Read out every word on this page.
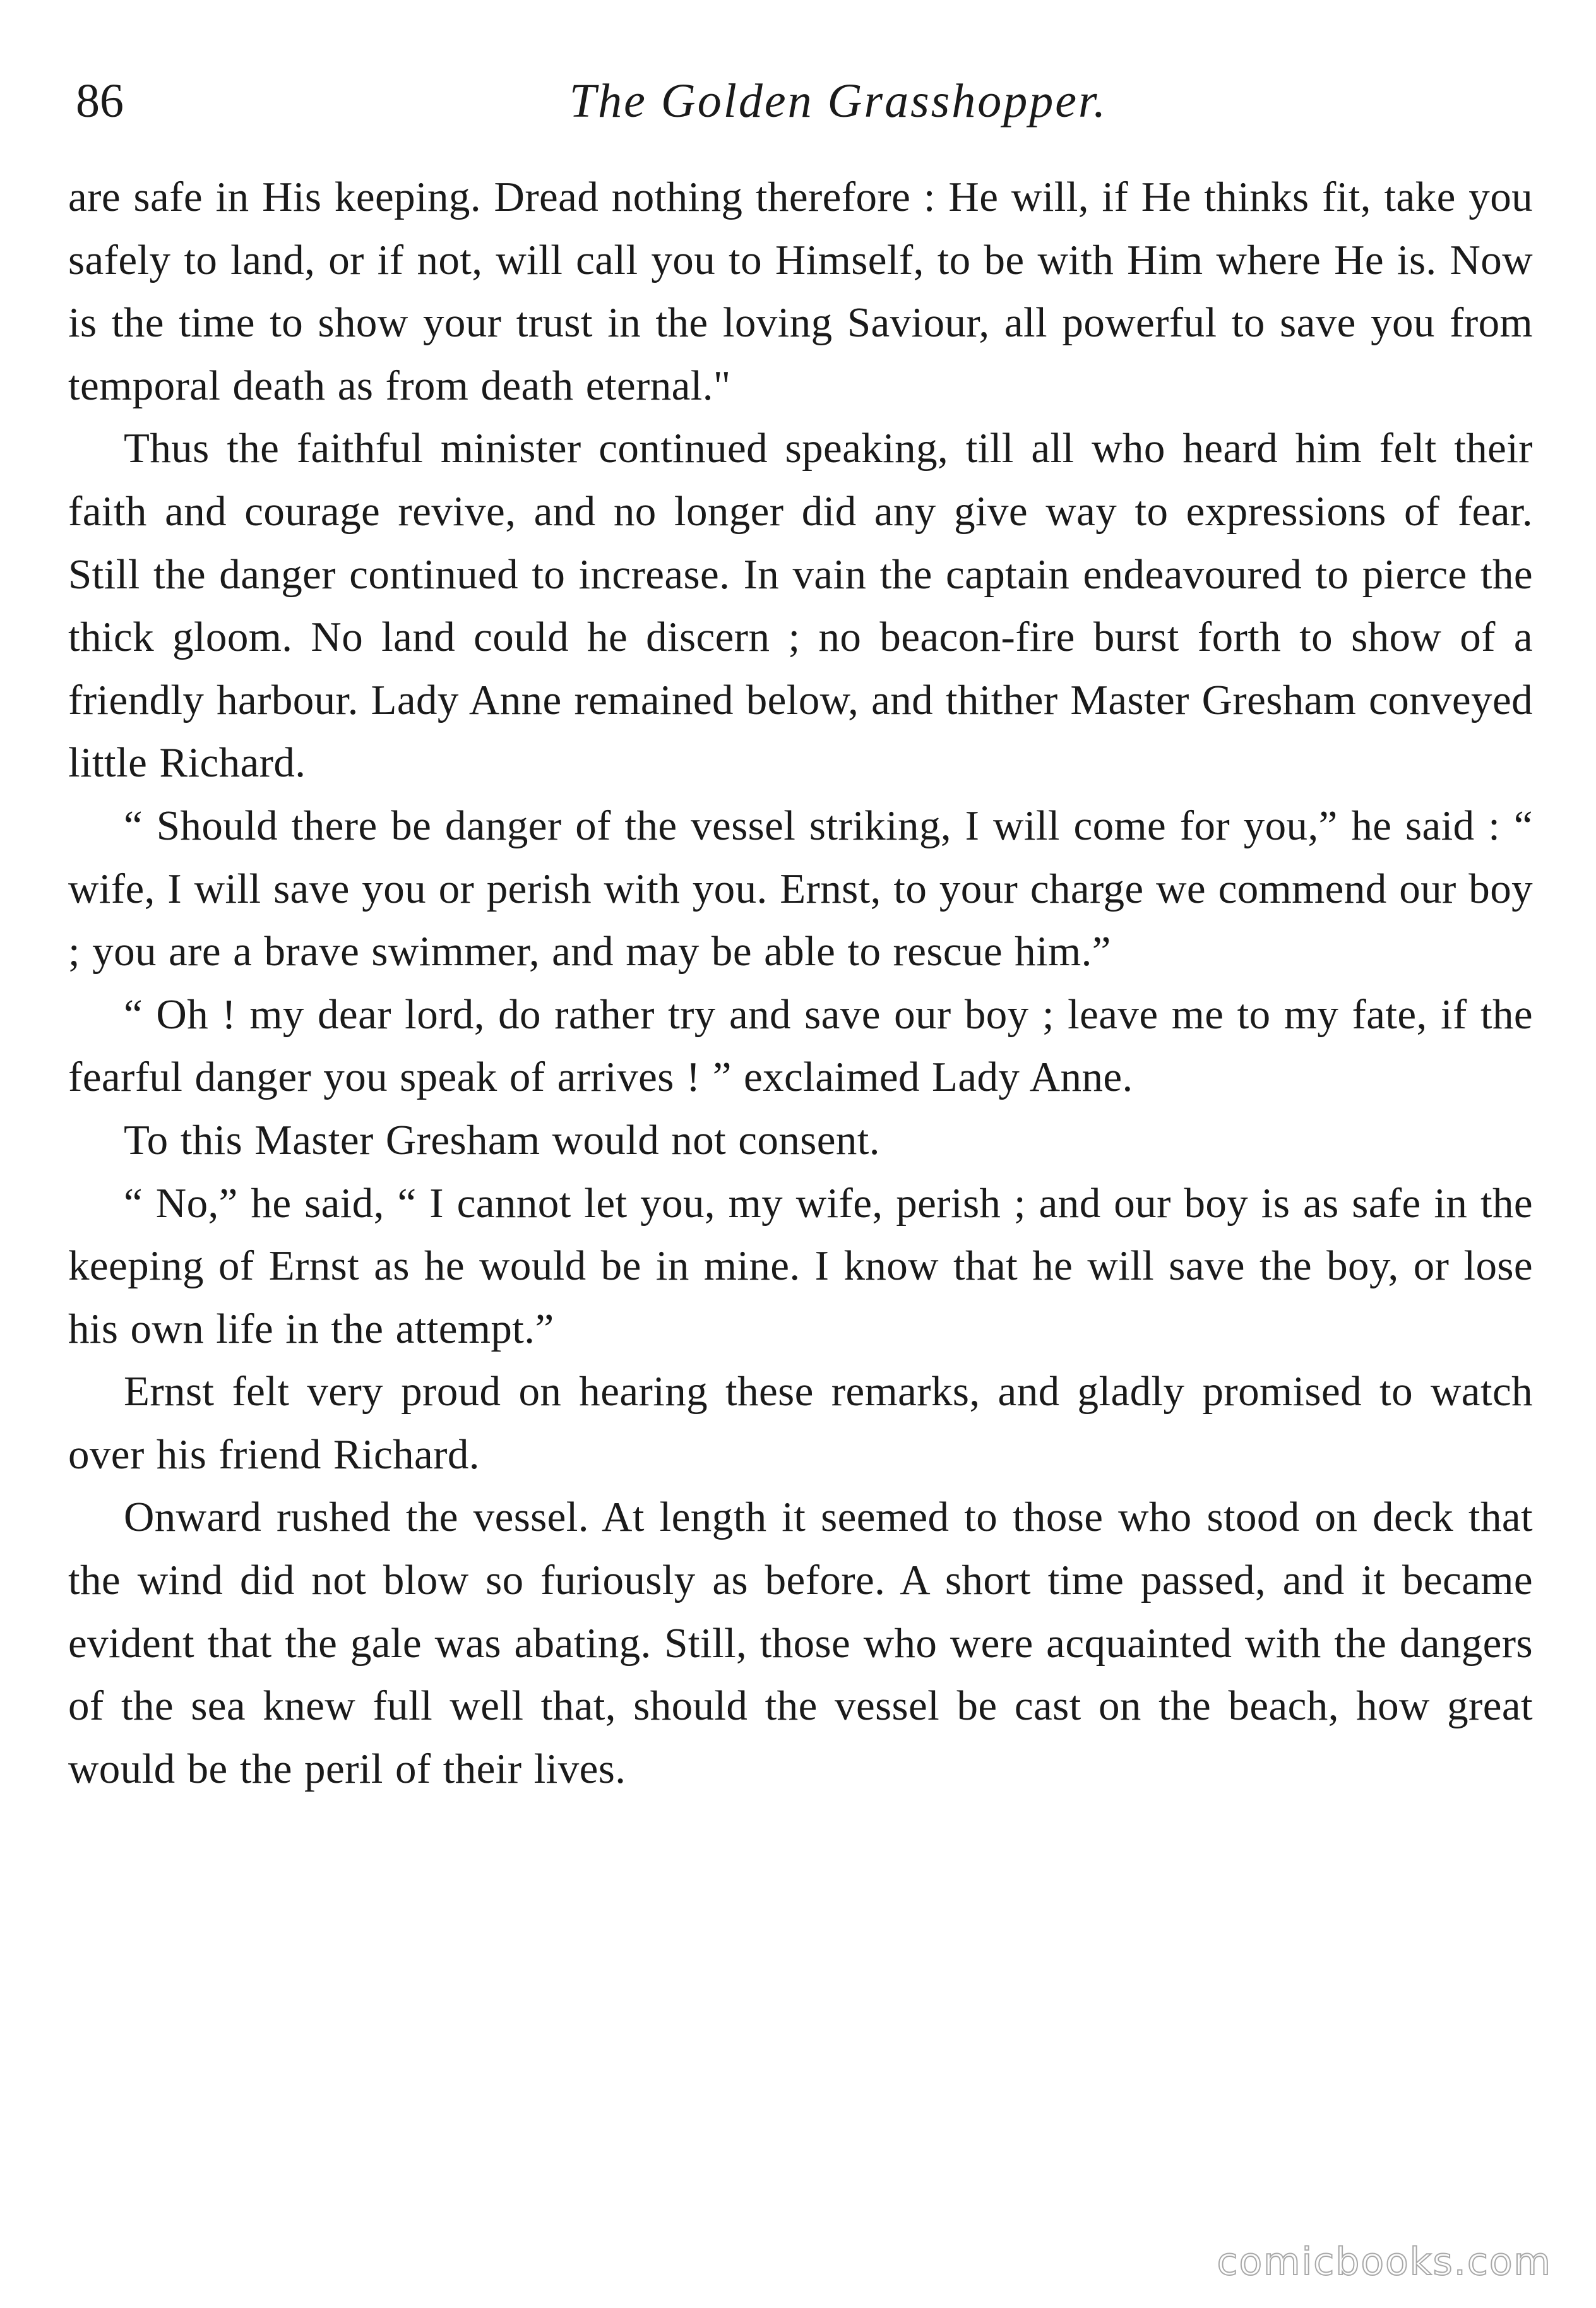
86	The Golden Grasshopper.

are safe in His keeping. Dread nothing therefore : He will, if He thinks fit, take you safely to land, or if not, will call you to Himself, to be with Him where He is. Now is the time to show your trust in the loving Saviour, all powerful to save you from temporal death as from death eternal."

Thus the faithful minister continued speaking, till all who heard him felt their faith and courage revive, and no longer did any give way to expressions of fear. Still the danger continued to increase. In vain the captain endeavoured to pierce the thick gloom. No land could he discern ; no beacon-fire burst forth to show of a friendly harbour. Lady Anne remained below, and thither Master Gresham conveyed little Richard.

“ Should there be danger of the vessel striking, I will come for you,” he said : “ wife, I will save you or perish with you. Ernst, to your charge we commend our boy ; you are a brave swimmer, and may be able to rescue him.”

“ Oh ! my dear lord, do rather try and save our boy ; leave me to my fate, if the fearful danger you speak of arrives ! ” exclaimed Lady Anne.

To this Master Gresham would not consent.

“ No,” he said, “ I cannot let you, my wife, perish ; and our boy is as safe in the keeping of Ernst as he would be in mine. I know that he will save the boy, or lose his own life in the attempt.”

Ernst felt very proud on hearing these remarks, and gladly promised to watch over his friend Richard.

Onward rushed the vessel. At length it seemed to those who stood on deck that the wind did not blow so furiously as before. A short time passed, and it became evident that the gale was abating. Still, those who were acquainted with the dangers of the sea knew full well that, should the vessel be cast on the beach, how great would be the peril of their lives.

comicbooks.com
